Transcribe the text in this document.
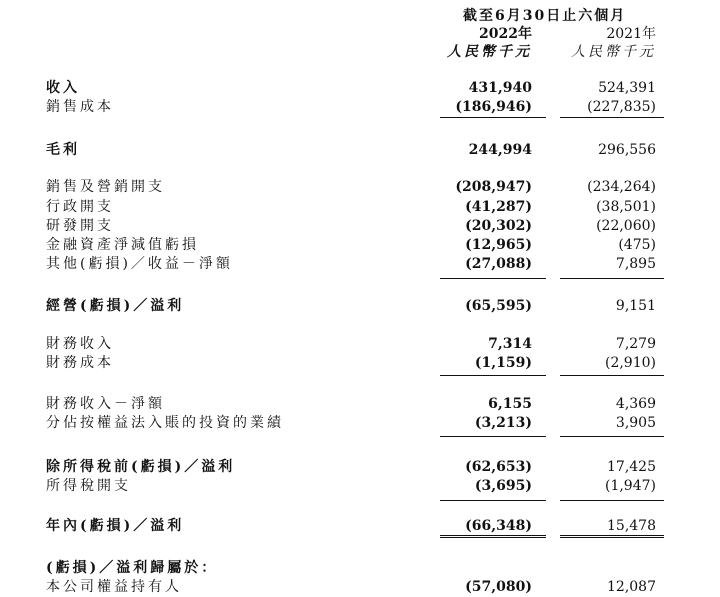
截至6月30日止六個月
2022年	2021年
人民幣千元	人民幣千元
收入	431,940	524,391
銷售成本	(186,946)	(227,835)
毛利	244,994	296,556
銷售及營銷開支	(208,947)	(234,264)
行政開支	(41,287)	(38,501)
研發開支	(20,302)	(22,060)
金融資產淨減值虧損	(12,965)	(475)
其他(虧損)／收益－淨額	(27,088)	7,895
經營(虧損)／溢利	(65,595)	9,151
財務收入	7,314	7,279
財務成本	(1,159)	(2,910)
財務收入－淨額	6,155	4,369
分佔按權益法入賬的投資的業績	(3,213)	3,905
除所得稅前(虧損)／溢利	(62,653)	17,425
所得稅開支	(3,695)	(1,947)
年內(虧損)／溢利	(66,348)	15,478
(虧損)／溢利歸屬於：
本公司權益持有人	(57,080)	12,087
